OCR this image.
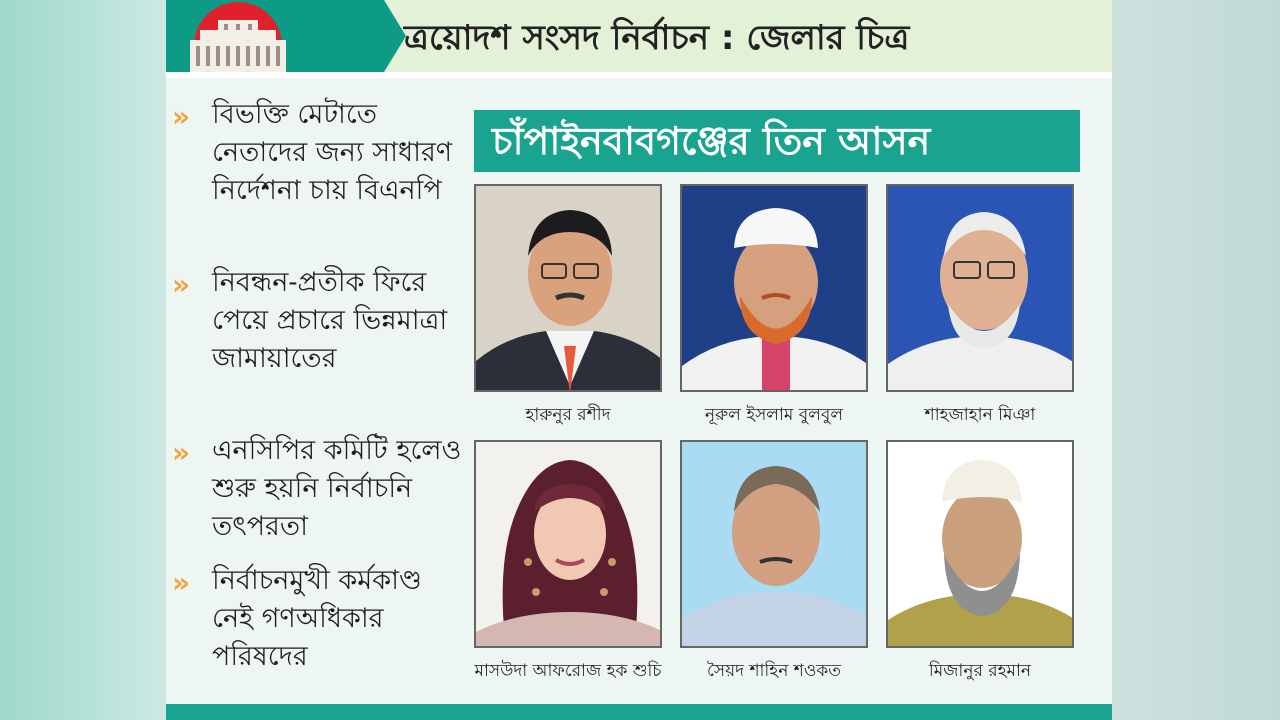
ত্রয়োদশ সংসদ নির্বাচন : জেলার চিত্র
» বিভক্তি মেটাতে নেতাদের জন্য সাধারণ নির্দেশনা চায় বিএনপি
» নিবন্ধন-প্রতীক ফিরে পেয়ে প্রচারে ভিন্নমাত্রা জামায়াতের
» এনসিপির কমিটি হলেও শুরু হয়নি নির্বাচনি তৎপরতা
» নির্বাচনমুখী কর্মকাণ্ড নেই গণঅধিকার পরিষদের
চাঁপাইনবাবগঞ্জের তিন আসন
হারুনুর রশীদ	নূরুল ইসলাম বুলবুল	শাহজাহান মিঞা
মাসউদা আফরোজ হক শুচি	সৈয়দ শাহিন শওকত	মিজানুর রহমান
